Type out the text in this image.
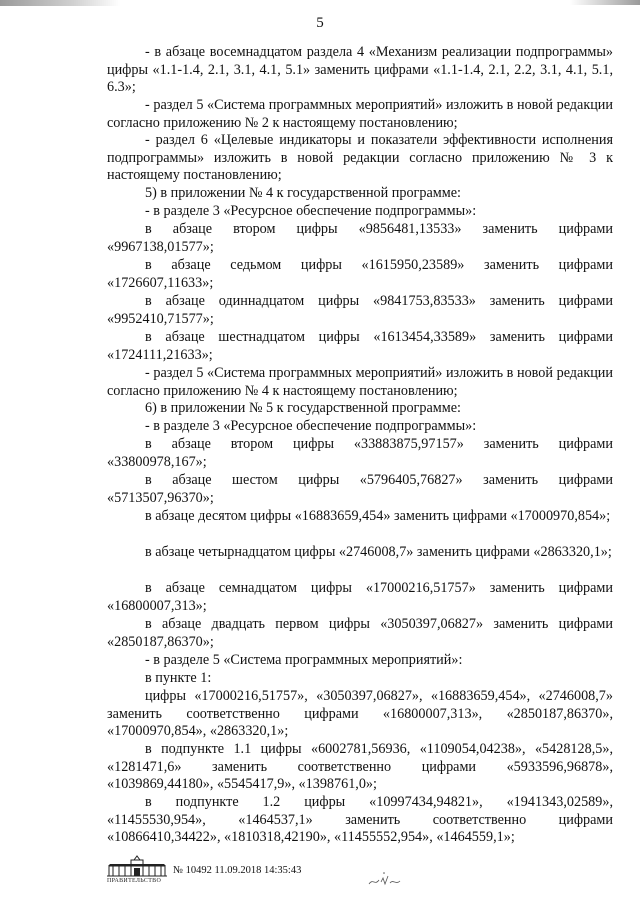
5

- в абзаце восемнадцатом раздела 4 «Механизм реализации подпрограммы» цифры «1.1-1.4, 2.1, 3.1, 4.1, 5.1» заменить цифрами «1.1-1.4, 2.1, 2.2, 3.1, 4.1, 5.1, 6.3»;

- раздел 5 «Система программных мероприятий» изложить в новой редакции согласно приложению № 2 к настоящему постановлению;

- раздел 6 «Целевые индикаторы и показатели эффективности исполнения подпрограммы» изложить в новой редакции согласно приложению № 3 к настоящему постановлению;

5) в приложении № 4 к государственной программе:

- в разделе 3 «Ресурсное обеспечение подпрограммы»:

в абзаце втором цифры «9856481,13533» заменить цифрами «9967138,01577»;

в абзаце седьмом цифры «1615950,23589» заменить цифрами «1726607,11633»;

в абзаце одиннадцатом цифры «9841753,83533» заменить цифрами «9952410,71577»;

в абзаце шестнадцатом цифры «1613454,33589» заменить цифрами «1724111,21633»;

- раздел 5 «Система программных мероприятий» изложить в новой редакции согласно приложению № 4 к настоящему постановлению;

6) в приложении № 5 к государственной программе:

- в разделе 3 «Ресурсное обеспечение подпрограммы»:

в абзаце втором цифры «33883875,97157» заменить цифрами «33800978,167»;

в абзаце шестом цифры «5796405,76827» заменить цифрами «5713507,96370»;

в абзаце десятом цифры «16883659,454» заменить цифрами «17000970,854»;

в абзаце четырнадцатом цифры «2746008,7» заменить цифрами «2863320,1»;

в абзаце семнадцатом цифры «17000216,51757» заменить цифрами «16800007,313»;

в абзаце двадцать первом цифры «3050397,06827» заменить цифрами «2850187,86370»;

- в разделе 5 «Система программных мероприятий»:

в пункте 1:

цифры «17000216,51757», «3050397,06827», «16883659,454», «2746008,7» заменить соответственно цифрами «16800007,313», «2850187,86370», «17000970,854», «2863320,1»;

в подпункте 1.1 цифры «6002781,56936, «1109054,04238», «5428128,5», «1281471,6» заменить соответственно цифрами «5933596,96878», «1039869,44180», «5545417,9», «1398761,0»;

в подпункте 1.2 цифры «10997434,94821», «1941343,02589», «11455530,954», «1464537,1» заменить соответственно цифрами «10866410,34422», «1810318,42190», «11455552,954», «1464559,1»;

ПРАВИТЕЛЬСТВО
№ 10492 11.09.2018 14:35:43
